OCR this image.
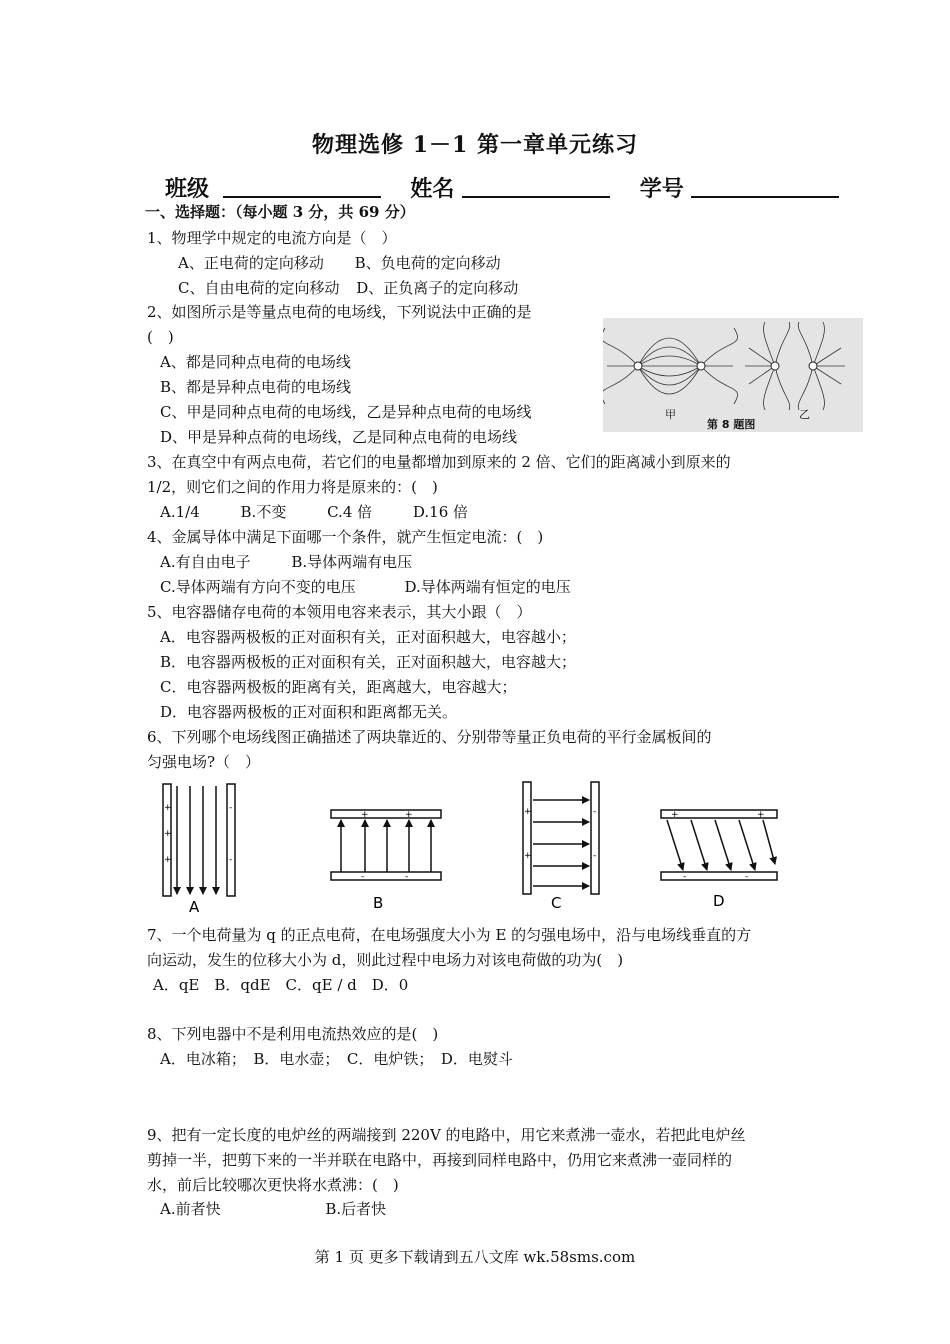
物理选修 1－1 第一章单元练习
班级	姓名	学号
一、选择题：（每小题 3 分，共 69 分）
1、物理学中规定的电流方向是（　）
A、正电荷的定向移动 B、负电荷的定向移动
C、自由电荷的定向移动 D、正负离子的定向移动
2、如图所示是等量点电荷的电场线，下列说法中正确的是
(　)
A、都是同种点电荷的电场线
B、都是异种点电荷的电场线
C、甲是同种点电荷的电场线，乙是异种点电荷的电场线
D、甲是异种点荷的电场线，乙是同种点电荷的电场线
甲
第 8 题图
乙
3、在真空中有两点电荷，若它们的电量都增加到原来的 2 倍、它们的距离减小到原来的
1/2，则它们之间的作用力将是原来的：(　)
A.1/4	B.不变	C.4 倍	D.16 倍
4、金属导体中满足下面哪一个条件，就产生恒定电流：(　)
A.有自由电子	B.导体两端有电压
C.导体两端有方向不变的电压	D.导体两端有恒定的电压
5、电容器储存电荷的本领用电容来表示，其大小跟（　）
A．电容器两极板的正对面积有关，正对面积越大，电容越小；
B．电容器两极板的正对面积有关，正对面积越大，电容越大；
C．电容器两极板的距离有关，距离越大，电容越大；
D．电容器两极板的正对面积和距离都无关。
6、下列哪个电场线图正确描述了两块靠近的、分别带等量正负电荷的平行金属板间的
匀强电场?（　）
+
+
+
-
-
A
+	+
-	-
B
+
+
-
-
C
+	+
-	-
D
7、一个电荷量为 q 的正点电荷，在电场强度大小为 E 的匀强电场中，沿与电场线垂直的方
向运动，发生的位移大小为 d，则此过程中电场力对该电荷做的功为(　)
A．qE　B．qdE　C．qE / d　D．0
8、下列电器中不是利用电流热效应的是(　)
A．电冰箱；　B．电水壶；　C．电炉铁；　D．电熨斗
9、把有一定长度的电炉丝的两端接到 220V 的电路中，用它来煮沸一壶水，若把此电炉丝
剪掉一半，把剪下来的一半并联在电路中，再接到同样电路中，仍用它来煮沸一壶同样的
水，前后比较哪次更快将水煮沸：(　)
A.前者快	B.后者快
第 1 页 更多下载请到五八文库 wk.58sms.com
